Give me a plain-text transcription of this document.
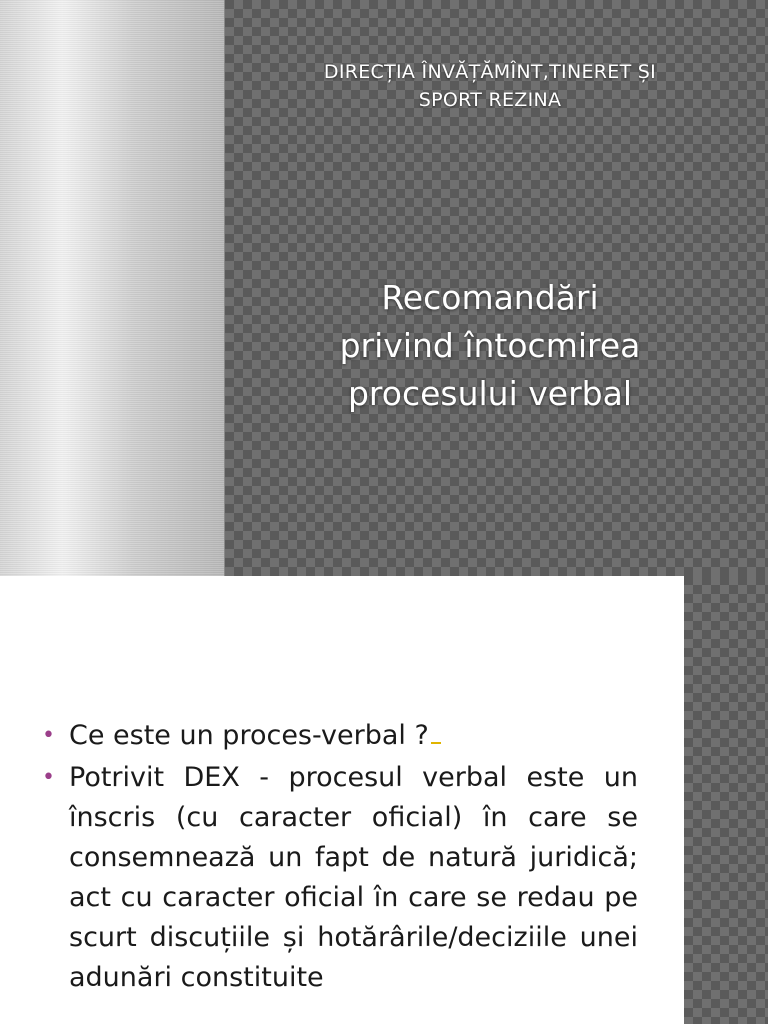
DIRECȚIA ÎNVĂȚĂMÎNT,TINERET ȘI
SPORT REZINA
Recomandări
privind întocmirea
procesului verbal
• Ce este un proces-verbal ?
• Potrivit DEX - procesul verbal este un înscris (cu caracter oficial) în care se consemnează un fapt de natură juridică; act cu caracter oficial în care se redau pe scurt discuțiile și hotărârile/deciziile unei adunări constituite
